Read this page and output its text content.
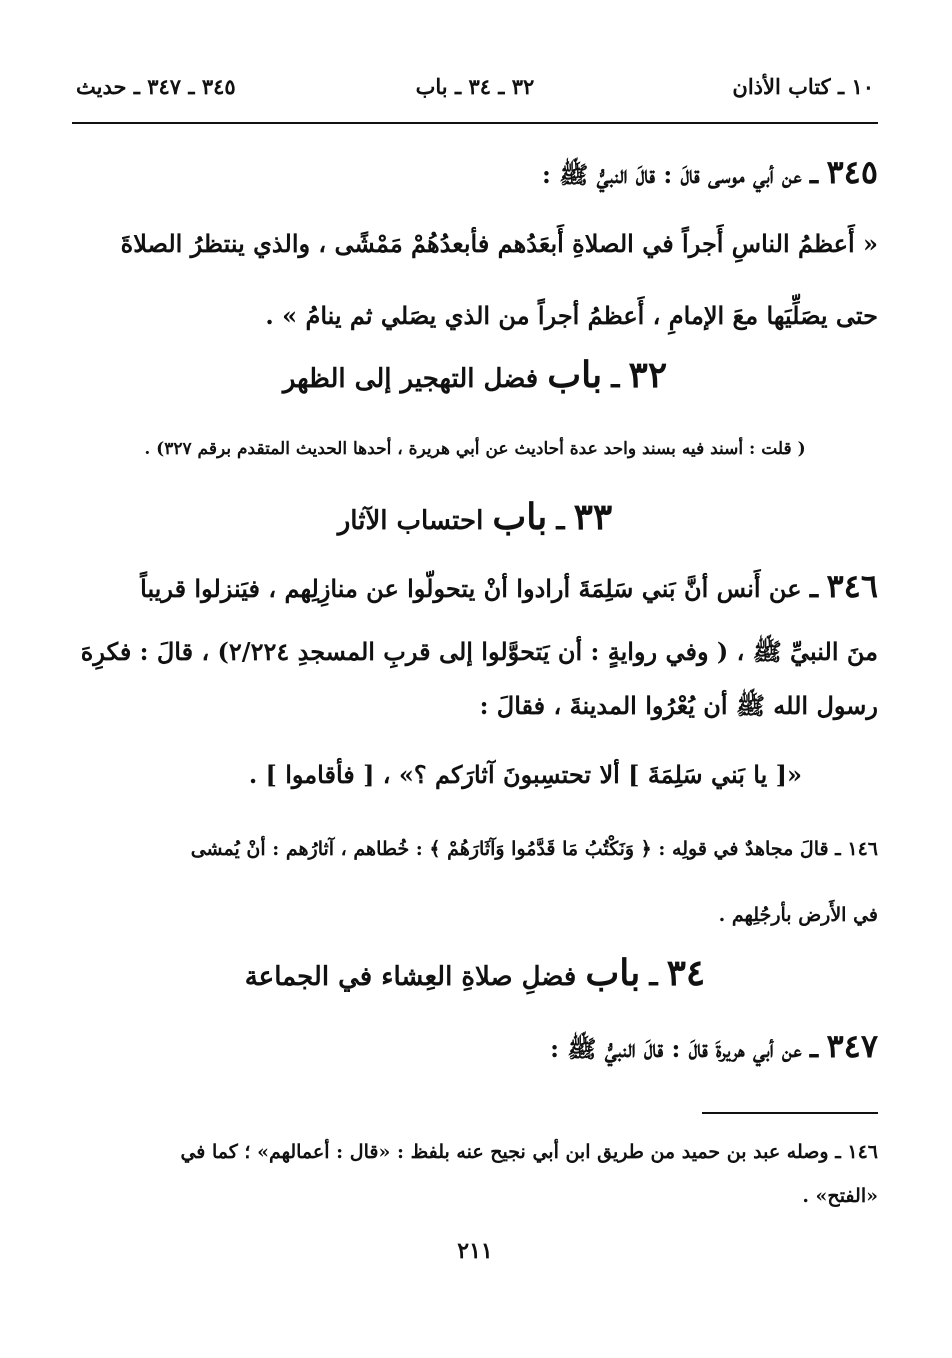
١٠ ـ كتاب الأذان
٣٢ ـ ٣٤ ـ باب
٣٤٥ ـ ٣٤٧ ـ حديث
٣٤٥ ـ عن أبي موسى قالَ : قالَ النبيُّ ﷺ :
« أَعظمُ الناسِ أَجراً في الصلاةِ أَبعَدُهم فأبعدُهُمْ مَمْشًى ، والذي ينتظرُ الصلاةَ
حتى يصَلِّيَها معَ الإمامِ ، أَعظمُ أجراً من الذي يصَلي ثم ينامُ » .
٣٢ ـ باب فضل التهجير إلى الظهر
( قلت : أسند فيه بسند واحد عدة أحاديث عن أبي هريرة ، أحدها الحديث المتقدم برقم ٣٢٧) .
٣٣ ـ باب احتساب الآثار
٣٤٦ ـ عن أَنس أنَّ بَني سَلِمَةَ أرادوا أنْ يتحولّوا عن منازِلِهم ، فيَنزلوا قريباً
منَ النبيِّ ﷺ ، ( وفي روايةٍ : أن يَتحوَّلوا إلى قربِ المسجدِ ٢/٢٢٤) ، قالَ : فكرِهَ
رسول الله ﷺ أن يُعْرُوا المدينةَ ، فقالَ :
«[ يا بَني سَلِمَةَ ] ألا تحتسِبونَ آثارَكم ؟» ، [ فأقاموا ] .
١٤٦ ـ قالَ مجاهدٌ في قولِه : ﴿ وَنَكْتُبُ مَا قَدَّمُوا وَآثَارَهُمْ ﴾ : خُطاهم ، آثارُهم : أنْ يُمشى
في الأَرض بأرجُلِهم .
٣٤ ـ باب فضلِ صلاةِ العِشاء في الجماعة
٣٤٧ ـ عن أبي هريرةَ قالَ : قالَ النبيُّ ﷺ :
١٤٦ ـ وصله عبد بن حميد من طريق ابن أبي نجيح عنه بلفظ : «قال : أعمالهم» ؛ كما في
«الفتح» .
٢١١
